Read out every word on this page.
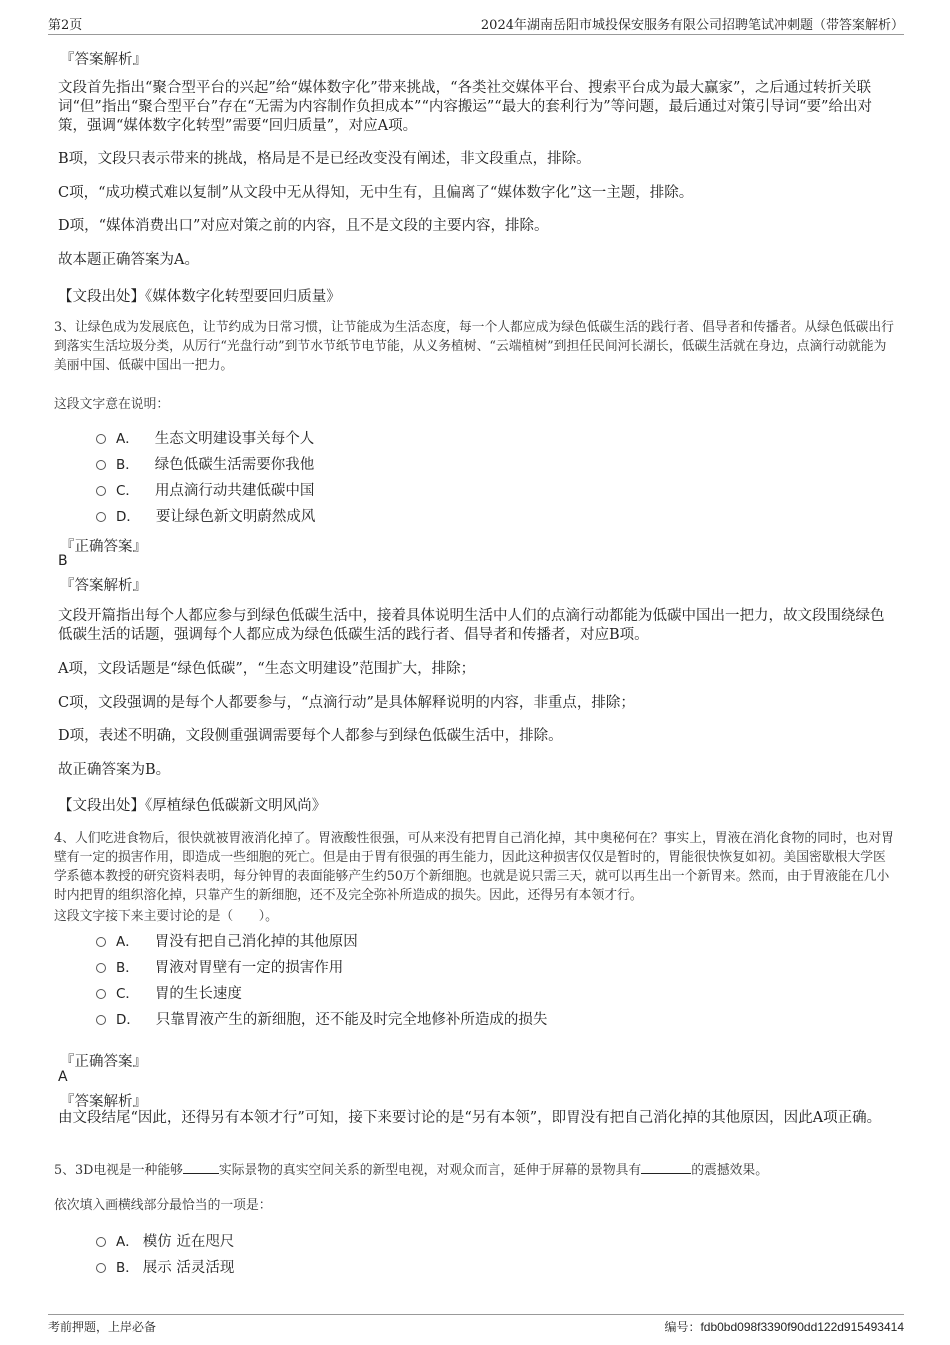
第2页	2024年湖南岳阳市城投保安服务有限公司招聘笔试冲刺题（带答案解析）
『答案解析』

文段首先指出“聚合型平台的兴起”给“媒体数字化”带来挑战，“各类社交媒体平台、搜索平台成为最大赢家”，之后通过转折关联词“但”指出“聚合型平台”存在“无需为内容制作负担成本”“内容搬运”“最大的套利行为”等问题，最后通过对策引导词“要”给出对策，强调“媒体数字化转型”需要“回归质量”，对应A项。

B项，文段只表示带来的挑战，格局是不是已经改变没有阐述，非文段重点，排除。

C项，“成功模式难以复制”从文段中无从得知，无中生有，且偏离了“媒体数字化”这一主题，排除。

D项，“媒体消费出口”对应对策之前的内容，且不是文段的主要内容，排除。

故本题正确答案为A。

【文段出处】《媒体数字化转型要回归质量》

3、让绿色成为发展底色，让节约成为日常习惯，让节能成为生活态度，每一个人都应成为绿色低碳生活的践行者、倡导者和传播者。从绿色低碳出行到落实生活垃圾分类，从厉行“光盘行动”到节水节纸节电节能，从义务植树、“云端植树”到担任民间河长湖长，低碳生活就在身边，点滴行动就能为美丽中国、低碳中国出一把力。

这段文字意在说明：

A． 生态文明建设事关每个人
B． 绿色低碳生活需要你我他
C． 用点滴行动共建低碳中国
D． 要让绿色新文明蔚然成风
『正确答案』
B
『答案解析』

文段开篇指出每个人都应参与到绿色低碳生活中，接着具体说明生活中人们的点滴行动都能为低碳中国出一把力，故文段围绕绿色低碳生活的话题，强调每个人都应成为绿色低碳生活的践行者、倡导者和传播者，对应B项。

A项，文段话题是“绿色低碳”，“生态文明建设”范围扩大，排除；

C项，文段强调的是每个人都要参与，“点滴行动”是具体解释说明的内容，非重点，排除；

D项，表述不明确，文段侧重强调需要每个人都参与到绿色低碳生活中，排除。

故正确答案为B。

【文段出处】《厚植绿色低碳新文明风尚》

4、人们吃进食物后，很快就被胃液消化掉了。胃液酸性很强，可从来没有把胃自己消化掉，其中奥秘何在？事实上，胃液在消化食物的同时，也对胃壁有一定的损害作用，即造成一些细胞的死亡。但是由于胃有很强的再生能力，因此这种损害仅仅是暂时的，胃能很快恢复如初。美国密歇根大学医学系德本教授的研究资料表明，每分钟胃的表面能够产生约50万个新细胞。也就是说只需三天，就可以再生出一个新胃来。然而，由于胃液能在几小时内把胃的组织溶化掉，只靠产生的新细胞，还不及完全弥补所造成的损失。因此，还得另有本领才行。

这段文字接下来主要讨论的是（　　）。

A． 胃没有把自己消化掉的其他原因
B． 胃液对胃壁有一定的损害作用
C． 胃的生长速度
D． 只靠胃液产生的新细胞，还不能及时完全地修补所造成的损失
『正确答案』
A
『答案解析』

由文段结尾“因此，还得另有本领才行”可知，接下来要讨论的是“另有本领”，即胃没有把自己消化掉的其他原因，因此A项正确。

5、3D电视是一种能够	实际景物的真实空间关系的新型电视，对观众而言，延伸于屏幕的景物具有	的震撼效果。

依次填入画横线部分最恰当的一项是：

A． 模仿 近在咫尺
B． 展示 活灵活现
考前押题，上岸必备	编号：fdb0bd098f3390f90dd122d915493414
